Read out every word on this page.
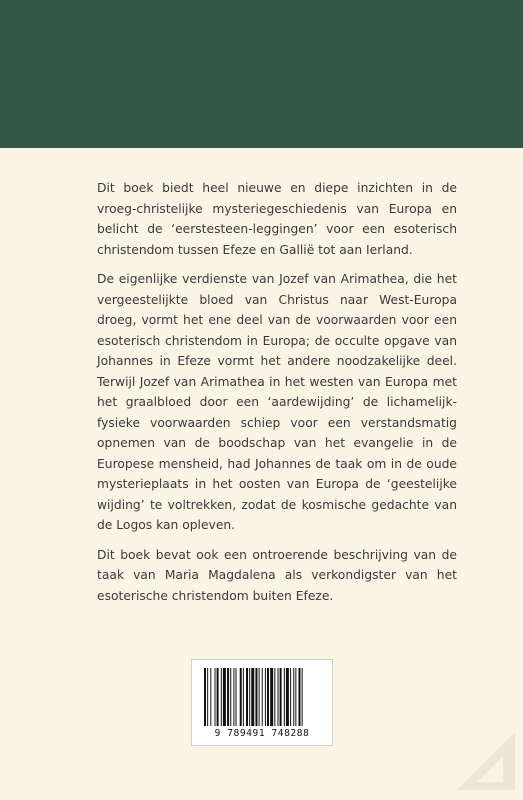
Dit boek biedt heel nieuwe en diepe inzichten in de vroeg-christelijke mysteriegeschiedenis van Europa en belicht de ‘eerstesteen-leggingen’ voor een esoterisch christendom tussen Efeze en Gallië tot aan Ierland.

De eigenlijke verdienste van Jozef van Arimathea, die het vergeestelijkte bloed van Christus naar West-Europa droeg, vormt het ene deel van de voorwaarden voor een esoterisch christendom in Europa; de occulte opgave van Johannes in Efeze vormt het andere noodzakelijke deel. Terwijl Jozef van Arimathea in het westen van Europa met het graalbloed door een ‘aardewijding’ de lichamelijk-fysieke voorwaarden schiep voor een verstandsmatig opnemen van de boodschap van het evangelie in de Europese mensheid, had Johannes de taak om in de oude mysterieplaats in het oosten van Europa de ‘geestelijke wijding’ te voltrekken, zodat de kosmische gedachte van de Logos kan opleven.

Dit boek bevat ook een ontroerende beschrijving van de taak van Maria Magdalena als verkondigster van het esoterische christendom buiten Efeze.

9 789491 748288
